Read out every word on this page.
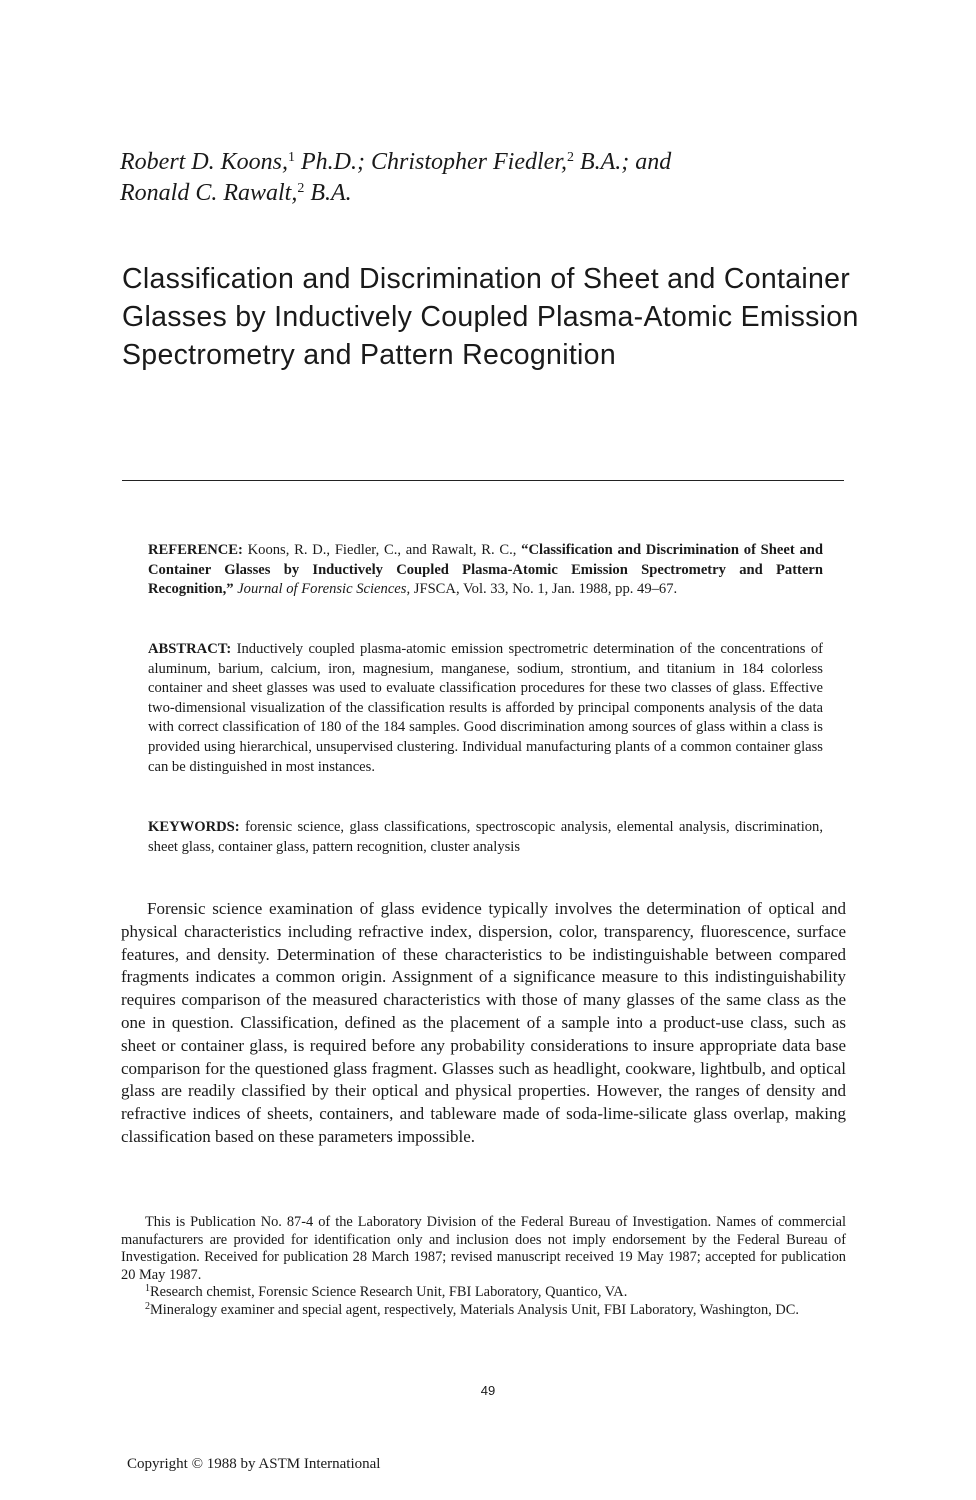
Robert D. Koons,$^1$ Ph.D.; Christopher Fiedler,$^2$ B.A.; and
Ronald C. Rawalt,$^2$ B.A.
Classification and Discrimination of Sheet and Container Glasses by Inductively Coupled Plasma-Atomic Emission Spectrometry and Pattern Recognition
REFERENCE: Koons, R. D., Fiedler, C., and Rawalt, R. C., “Classification and Discrimination of Sheet and Container Glasses by Inductively Coupled Plasma-Atomic Emission Spectrometry and Pattern Recognition,” Journal of Forensic Sciences, JFSCA, Vol. 33, No. 1, Jan. 1988, pp. 49–67.
ABSTRACT: Inductively coupled plasma-atomic emission spectrometric determination of the concentrations of aluminum, barium, calcium, iron, magnesium, manganese, sodium, strontium, and titanium in 184 colorless container and sheet glasses was used to evaluate classification procedures for these two classes of glass. Effective two-dimensional visualization of the classification results is afforded by principal components analysis of the data with correct classification of 180 of the 184 samples. Good discrimination among sources of glass within a class is provided using hierarchical, unsupervised clustering. Individual manufacturing plants of a common container glass can be distinguished in most instances.
KEYWORDS: forensic science, glass classifications, spectroscopic analysis, elemental analysis, discrimination, sheet glass, container glass, pattern recognition, cluster analysis

Forensic science examination of glass evidence typically involves the determination of optical and physical characteristics including refractive index, dispersion, color, transparency, fluorescence, surface features, and density. Determination of these characteristics to be indistinguishable between compared fragments indicates a common origin. Assignment of a significance measure to this indistinguishability requires comparison of the measured characteristics with those of many glasses of the same class as the one in question. Classification, defined as the placement of a sample into a product-use class, such as sheet or container glass, is required before any probability considerations to insure appropriate data base comparison for the questioned glass fragment. Glasses such as headlight, cookware, lightbulb, and optical glass are readily classified by their optical and physical properties. However, the ranges of density and refractive indices of sheets, containers, and tableware made of soda-lime-silicate glass overlap, making classification based on these parameters impossible.

This is Publication No. 87-4 of the Laboratory Division of the Federal Bureau of Investigation. Names of commercial manufacturers are provided for identification only and inclusion does not imply endorsement by the Federal Bureau of Investigation. Received for publication 28 March 1987; revised manuscript received 19 May 1987; accepted for publication 20 May 1987.

$^1$Research chemist, Forensic Science Research Unit, FBI Laboratory, Quantico, VA.

$^2$Mineralogy examiner and special agent, respectively, Materials Analysis Unit, FBI Laboratory, Washington, DC.

49
Copyright © 1988 by ASTM International
